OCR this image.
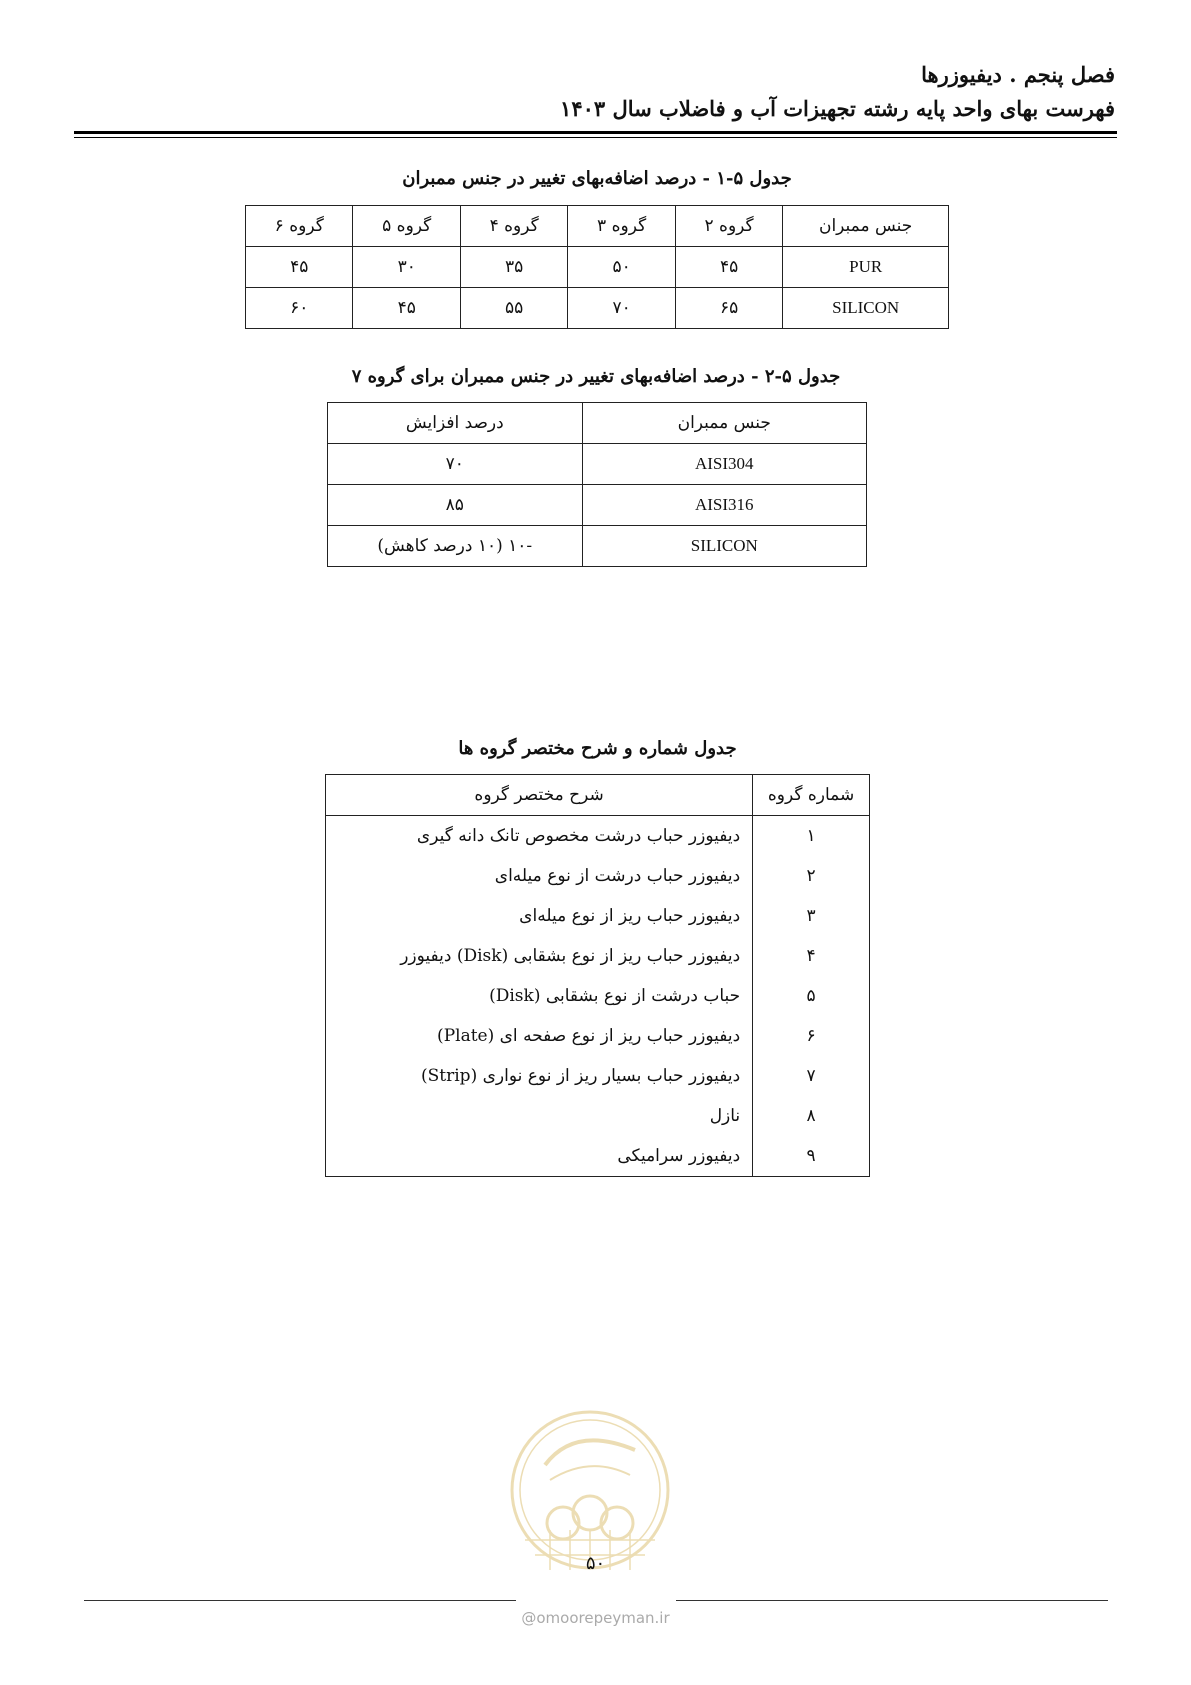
فصل پنجم . دیفیوزرها
فهرست بهای واحد پایه رشته تجهیزات آب و فاضلاب سال ۱۴۰۳
جدول ۵-۱ - درصد اضافه‌بهای تغییر در جنس ممبران
جنس ممبران	گروه ۲	گروه ۳	گروه ۴	گروه ۵	گروه ۶
PUR	۴۵	۵۰	۳۵	۳۰	۴۵
SILICON	۶۵	۷۰	۵۵	۴۵	۶۰
جدول ۵-۲ - درصد اضافه‌بهای تغییر در جنس ممبران برای گروه ۷
جنس ممبران	درصد افزایش
AISI304	۷۰
AISI316	۸۵
SILICON	-۱۰ (۱۰ درصد کاهش)
جدول شماره و شرح مختصر گروه ها
شماره گروه	شرح مختصر گروه
۱	دیفیوزر حباب درشت مخصوص تانک دانه گیری
۲	دیفیوزر حباب درشت از نوع میله‌ای
۳	دیفیوزر حباب ریز از نوع میله‌ای
۴	دیفیوزر حباب ریز از نوع بشقابی (Disk) دیفیوزر
۵	حباب درشت از نوع بشقابی (Disk)
۶	دیفیوزر حباب ریز از نوع صفحه ای (Plate)
۷	دیفیوزر حباب بسیار ریز از نوع نواری (Strip)
۸	نازل
۹	دیفیوزر سرامیکی
۵۰
@omoorepeyman.ir
